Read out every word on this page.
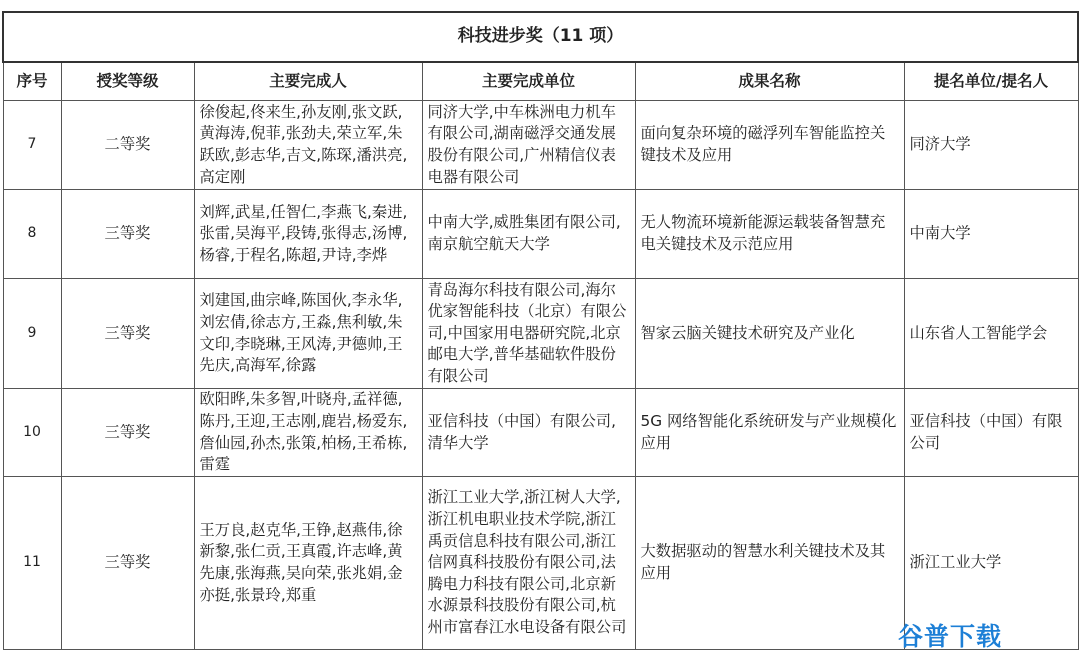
科技进步奖（11 项）					
序号	授奖等级	主要完成人	主要完成单位	成果名称	提名单位/提名人
7	二等奖	徐俊起,佟来生,孙友刚,张文跃,黄海涛,倪菲,张劲夫,荣立军,朱跃欧,彭志华,吉文,陈琛,潘洪亮,高定刚	同济大学,中车株洲电力机车有限公司,湖南磁浮交通发展股份有限公司,广州精信仪表电器有限公司	面向复杂环境的磁浮列车智能监控关键技术及应用	同济大学
8	三等奖	刘辉,武星,任智仁,李燕飞,秦进,张雷,吴海平,段铸,张得志,汤博,杨睿,于程名,陈超,尹诗,李烨	中南大学,威胜集团有限公司,南京航空航天大学	无人物流环境新能源运载装备智慧充电关键技术及示范应用	中南大学
9	三等奖	刘建国,曲宗峰,陈国伙,李永华,刘宏倩,徐志方,王淼,焦利敏,朱文印,李晓琳,王风涛,尹德帅,王先庆,高海军,徐露	青岛海尔科技有限公司,海尔优家智能科技（北京）有限公司,中国家用电器研究院,北京邮电大学,普华基础软件股份有限公司	智家云脑关键技术研究及产业化	山东省人工智能学会
10	三等奖	欧阳晔,朱多智,叶晓舟,孟祥德,陈丹,王迎,王志刚,鹿岩,杨爱东,詹仙园,孙杰,张策,柏杨,王希栋,雷霆	亚信科技（中国）有限公司,清华大学	5G 网络智能化系统研发与产业规模化应用	亚信科技（中国）有限公司
11	三等奖	王万良,赵克华,王铮,赵燕伟,徐新黎,张仁贡,王真霞,许志峰,黄先康,张海燕,吴向荣,张兆娟,金亦挺,张景玲,郑重	浙江工业大学,浙江树人大学,浙江机电职业技术学院,浙江禹贡信息科技有限公司,浙江信网真科技股份有限公司,法腾电力科技有限公司,北京新水源景科技股份有限公司,杭州市富春江水电设备有限公司	大数据驱动的智慧水利关键技术及其应用	浙江工业大学
谷普下载
